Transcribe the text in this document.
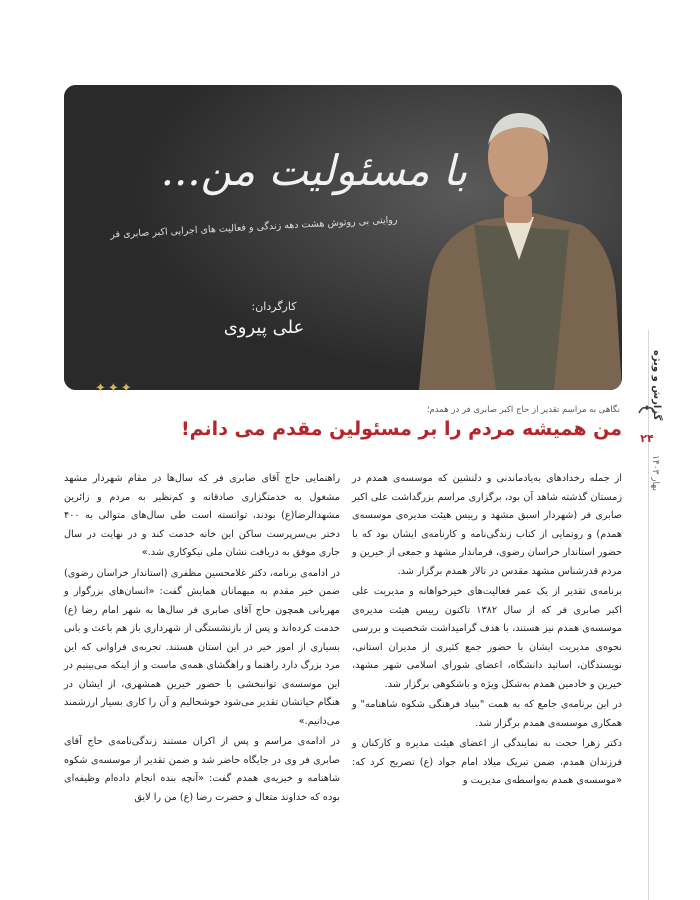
با مسئولیت من...
روایتی بی روتوش هشت دهه زندگی و فعالیت های اجرایی اکبر صابری فر
کارگردان:
علی پیروی
✦✦✦	گزارش و ویژه
۲۴
بهار ۱۴۰۳
نگاهی به مراسم تقدیر از حاج اکبر صابری فر در همدم؛
من همیشه مردم را بر مسئولین مقدم می دانم!

از جمله رخدادهای به‌یادماندنی و دلنشین که موسسه‌ی همدم در زمستان گذشته شاهد آن بود، برگزاری مراسم بزرگداشت علی اکبر صابری فر (شهردار اسبق مشهد و رییس هیئت مدیره‌ی موسسه‌ی همدم) و رونمایی از کتاب زندگی‌نامه و کارنامه‌ی ایشان بود که با حضور استاندار خراسان رضوی، فرماندار مشهد و جمعی از خیرین و مردم قدرشناس مشهد مقدس در تالار همدم برگزار شد.

برنامه‌ی تقدیر از یک عمر فعالیت‌های خیرخواهانه و مدیریت علی اکبر صابری فر که از سال ۱۳۸۲ تاکنون رییس هیئت مدیره‌ی موسسه‌ی همدم نیز هستند، با هدف گرامیداشت شخصیت و بررسی نحوه‌ی مدیریت ایشان با حضور جمع کثیری از مدیران استانی، نویسندگان، اساتید دانشگاه، اعضای شورای اسلامی شهر مشهد، خیرین و خادمین همدم به‌شکل ویژه و باشکوهی برگزار شد.

در این برنامه‌ی جامع که به همت "بنیاد فرهنگی شکوه شاهنامه" و همکاری موسسه‌ی همدم برگزار شد.

دکتر زهرا حجت به نمایندگی از اعضای هیئت مدیره و کارکنان و فرزندان همدم، ضمن تبریک میلاد امام جواد (ع) تصریح کرد که: «موسسه‌ی همدم به‌واسطه‌ی مدیریت و

راهنمایی حاج آقای صابری فر که سال‌ها در مقام شهردار مشهد مشغول به خدمتگزاری صادقانه و کم‌نظیر به مردم و زائرین مشهدالرضا(ع) بودند، توانسته است طی سال‌های متوالی به ۴۰۰ دختر بی‌سرپرست ساکن این خانه خدمت کند و در نهایت در سال جاری موفق به دریافت نشان ملی نیکوکاری شد.»

در ادامه‌ی برنامه، دکتر غلامحسین مظفری (استاندار خراسان رضوی) ضمن خیر مقدم به میهمانان همایش گفت: «انسان‌های بزرگوار و مهربانی همچون حاج آقای صابری فر سال‌ها به شهر امام رضا (ع) خدمت کرده‌اند و پس از بازنشستگی از شهرداری باز هم باعث و بانی بسیاری از امور خیر در این استان هستند. تجربه‌ی فراوانی که این مرد بزرگ دارد راهنما و راهگشای همه‌ی ماست و از اینکه می‌بینیم در این موسسه‌ی توانبخشی با حضور خیرین همشهری، از ایشان در هنگام حیاتشان تقدیر می‌شود خوشحالیم و آن را کاری بسیار ارزشمند می‌دانیم.»

در ادامه‌ی مراسم و پس از اکران مستند زندگی‌نامه‌ی حاج آقای صابری فر وی در جایگاه حاضر شد و ضمن تقدیر از موسسه‌ی شکوه شاهنامه و خیریه‌ی همدم گفت: «آنچه بنده انجام داده‌ام وظیفه‌ای بوده که خداوند متعال و حضرت رضا (ع) من را لایق
